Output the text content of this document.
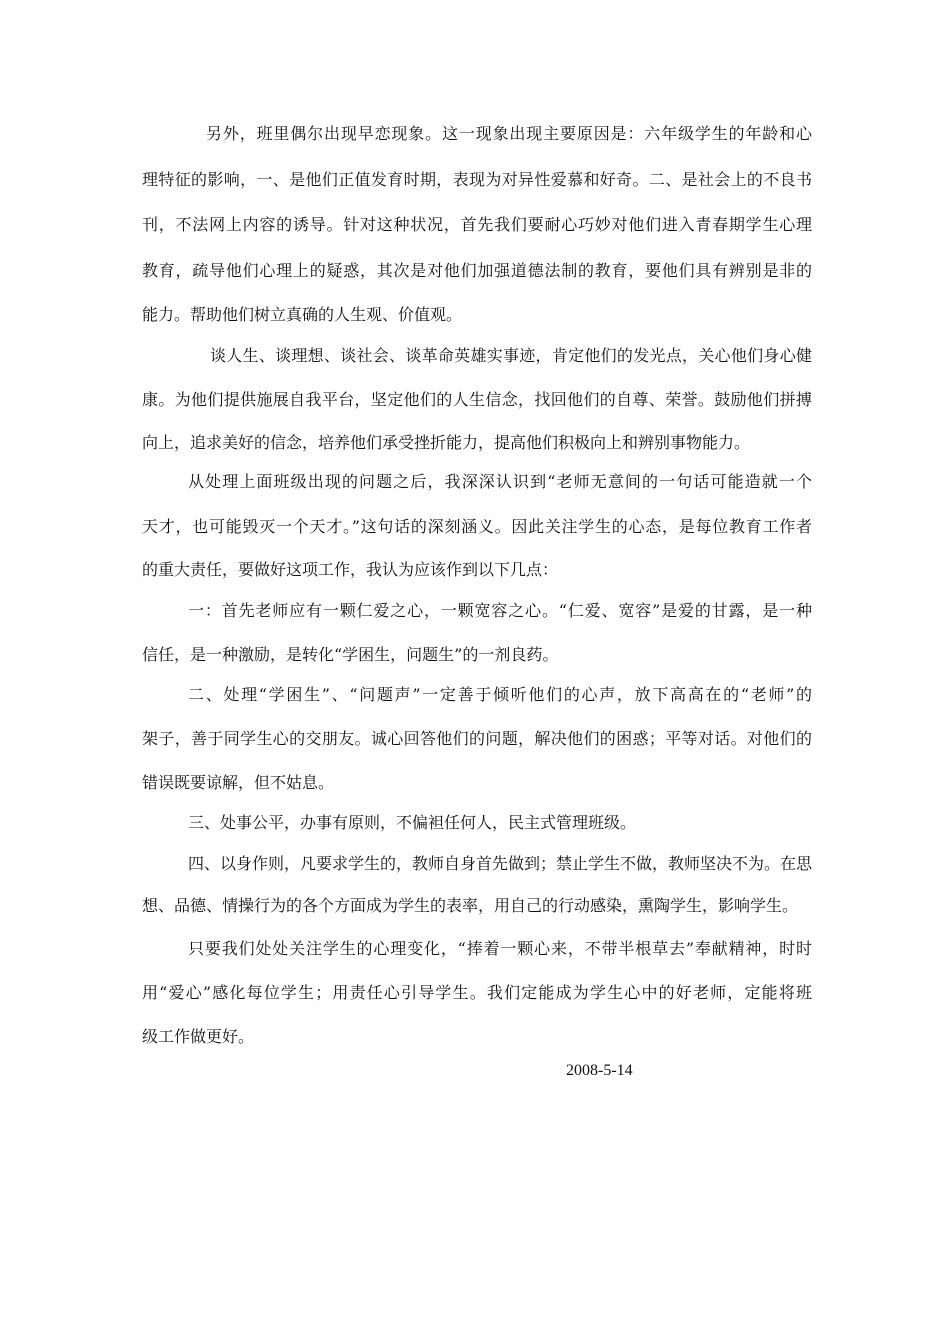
另外，班里偶尔出现早恋现象。这一现象出现主要原因是：六年级学生的年龄和心
理特征的影响，一、是他们正值发育时期，表现为对异性爱慕和好奇。二、是社会上的不良书
刊，不法网上内容的诱导。针对这种状况，首先我们要耐心巧妙对他们进入青春期学生心理
教育，疏导他们心理上的疑惑，其次是对他们加强道德法制的教育，要他们具有辨别是非的
能力。帮助他们树立真确的人生观、价值观。
谈人生、谈理想、谈社会、谈革命英雄实事迹，肯定他们的发光点，关心他们身心健
康。为他们提供施展自我平台，坚定他们的人生信念，找回他们的自尊、荣誉。鼓励他们拼搏
向上，追求美好的信念，培养他们承受挫折能力，提高他们积极向上和辨别事物能力。
从处理上面班级出现的问题之后，我深深认识到“老师无意间的一句话可能造就一个
天才，也可能毁灭一个天才。”这句话的深刻涵义。因此关注学生的心态，是每位教育工作者
的重大责任，要做好这项工作，我认为应该作到以下几点：
一：首先老师应有一颗仁爱之心，一颗宽容之心。“仁爱、宽容”是爱的甘露，是一种
信任，是一种激励，是转化“学困生，问题生”的一剂良药。
二、处理“学困生”、“问题声”一定善于倾听他们的心声，放下高高在的“老师”的
架子，善于同学生心的交朋友。诚心回答他们的问题，解决他们的困惑；平等对话。对他们的
错误既要谅解，但不姑息。
三、处事公平，办事有原则，不偏袒任何人，民主式管理班级。
四、以身作则，凡要求学生的，教师自身首先做到；禁止学生不做，教师坚决不为。在思
想、品德、情操行为的各个方面成为学生的表率，用自己的行动感染，熏陶学生，影响学生。
只要我们处处关注学生的心理变化，“捧着一颗心来，不带半根草去”奉献精神，时时
用“爱心”感化每位学生；用责任心引导学生。我们定能成为学生心中的好老师，定能将班
级工作做更好。
2008-5-14
